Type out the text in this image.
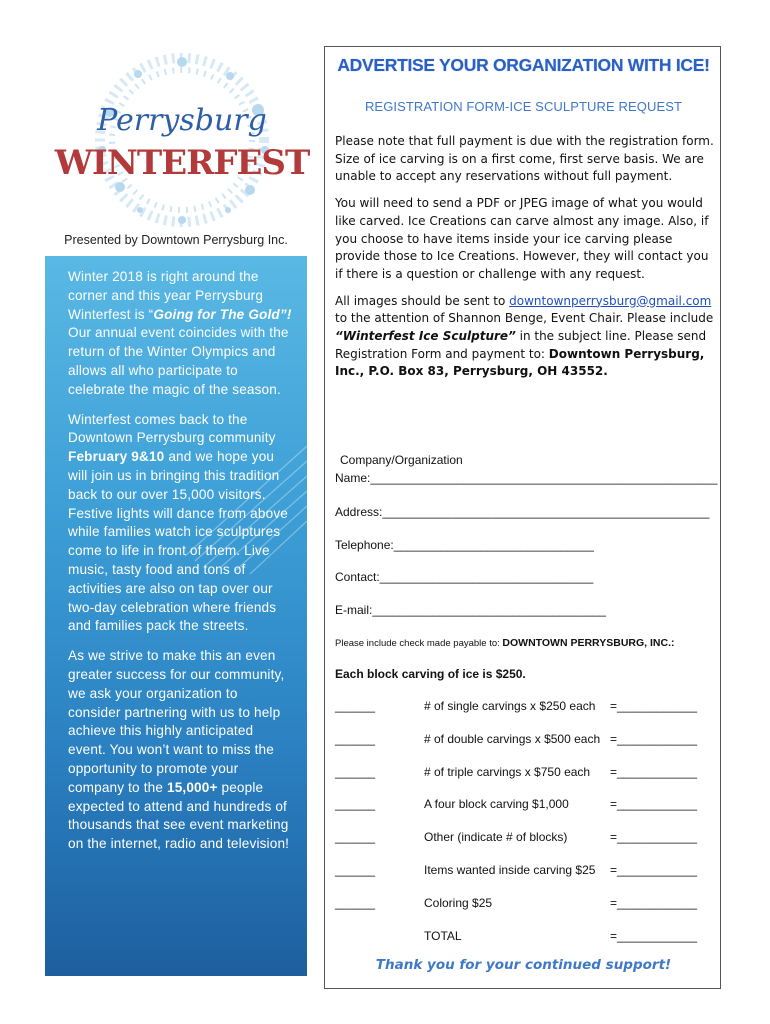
Perrysburg
WINTERFEST
Presented by Downtown Perrysburg Inc.

Winter 2018 is right around the corner and this year Perrysburg Winterfest is “Going for The Gold”! Our annual event coincides with the return of the Winter Olympics and allows all who participate to celebrate the magic of the season.

Winterfest comes back to the Downtown Perrysburg community February 9&10 and we hope you will join us in bringing this tradition back to our over 15,000 visitors. Festive lights will dance from above while families watch ice sculptures come to life in front of them. Live music, tasty food and tons of activities are also on tap over our two-day celebration where friends and families pack the streets.

As we strive to make this an even greater success for our community, we ask your organization to consider partnering with us to help achieve this highly anticipated event. You won’t want to miss the opportunity to promote your company to the 15,000+ people expected to attend and hundreds of thousands that see event marketing on the internet, radio and television!

ADVERTISE YOUR ORGANIZATION WITH ICE!
REGISTRATION FORM-ICE SCULPTURE REQUEST

Please note that full payment is due with the registration form. Size of ice carving is on a first come, first serve basis. We are unable to accept any reservations without full payment.

You will need to send a PDF or JPEG image of what you would like carved. Ice Creations can carve almost any image. Also, if you choose to have items inside your ice carving please provide those to Ice Creations. However, they will contact you if there is a question or challenge with any request.

All images should be sent to downtownperrysburg@gmail.com to the attention of Shannon Benge, Event Chair. Please include “Winterfest Ice Sculpture” in the subject line. Please send Registration Form and payment to: Downtown Perrysburg, Inc., P.O. Box 83, Perrysburg, OH 43552.

Company/Organization
Name:____________________________________________________
Address:_________________________________________________
Telephone:______________________________
Contact:________________________________
E-mail:___________________________________
Please include check made payable to: DOWNTOWN PERRYSBURG, INC.:
Each block carving of ice is $250.
______	# of single carvings x $250 each =____________
______	# of double carvings x $500 each =____________
______	# of triple carvings x $750 each =____________
______	A four block carving $1,000	=____________
______	Other (indicate # of blocks)	=____________
______	Items wanted inside carving $25 =____________
______	Coloring $25	=____________
TOTAL	=____________
Thank you for your continued support!
